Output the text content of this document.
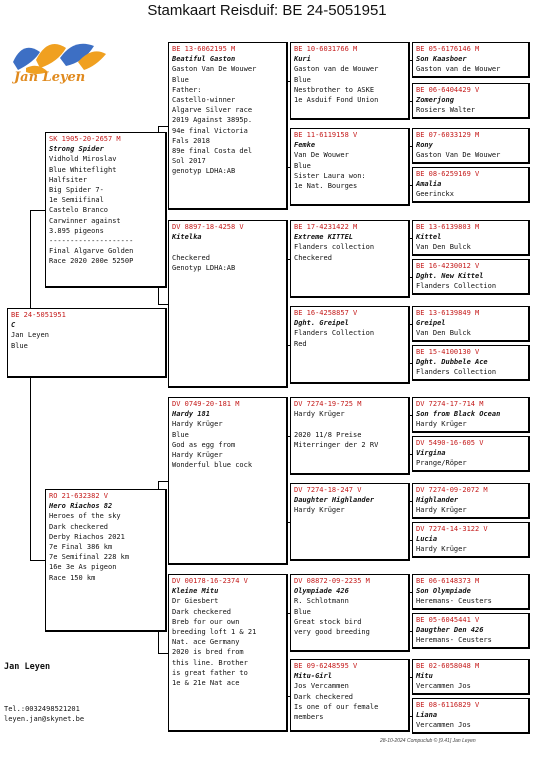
Stamkaart Reisduif: BE 24-5051951
Jan Leyen
BE 24-5051951
C
Jan Leyen
Blue
SK 1905-20-2657 M
Strong Spider
Vidhold Miroslav
Blue Whiteflight
Halfsiter
Big Spider 7-
1e Semiifinal
Castelo Branco
Carwinner against
3.895 pigeons
--------------------
Final Algarve Golden
Race 2020 200e 5250P
RO 21-632382 V
Hero Riachos 82
Heroes of the sky
Dark checkered
Derby Riachos 2021
7e Final 386 km
7e Semifinal 228 km
16e 3e As pigeon
Race 150 km
BE 13-6062195 M
Beatiful Gaston
Gaston Van De Wouwer
Blue
Father:
Castello-winner
Algarve Silver race
2019 Against 3895p.
94e final Victoria
Fals 2018
89e final Costa del
Sol 2017
genotyp LDHA:AB
DV 8897-18-4258 V
Kitelka

Checkered
Genotyp LDHA:AB
DV 0749-20-181 M
Hardy 181
Hardy Krüger
Blue
God as egg from
Hardy Krüger
Wonderful blue cock
DV 00178-16-2374 V
Kleine Mitu
Dr Giesbert
Dark checkered
Breb for our own
breeding loft 1 & 21
Nat. ace Germany
2020 is bred from
this line. Brother
is great father to
1e & 21e Nat ace
BE 10-6031766 M
Kuri
Gaston van de Wouwer
Blue
Nestbrother to ASKE
1e Asduif Fond Union
BE 11-6119158 V
Femke
Van De Wouwer
Blue
Sister Laura won:
1e Nat. Bourges
BE 17-4231422 M
Extreme KITTEL
Flanders collection
Checkered
BE 16-4258857 V
Dght. Greipel
Flanders Collection
Red
DV 7274-19-725 M
Hardy Krüger

2020 11/8 Preise
Miterringer der 2 RV
DV 7274-18-247 V
Daughter Highlander
Hardy Krüger
DV 08872-09-2235 M
Olympiade 426
R. Schlotmann
Blue
Great stock bird
very good breeding
BE 09-6248595 V
Mitu-Girl
Jos Vercammen
Dark checkered
Is one of our female
members
BE 05-6176146 M
Son Kaasboer
Gaston van de Wouwer
BE 06-6404429 V
Zomerjong
Rosiers Walter
BE 07-6033129 M
Rony
Gaston Van De Wouwer
BE 08-6259169 V
Amalia
Geerinckx
BE 13-6139803 M
Kittel
Van Den Bulck
BE 16-4230012 V
Dght. New Kittel
Flanders Collection
BE 13-6139849 M
Greipel
Van Den Bulck
BE 15-4100130 V
Dght. Dubbele Ace
Flanders Collection
DV 7274-17-714 M
Son from Black Ocean
Hardy Krüger
DV 5490-16-605 V
Virgina
Prange/Röper
DV 7274-09-2072 M
Highlander
Hardy Krüger
DV 7274-14-3122 V
Lucia
Hardy Krüger
BE 06-6148373 M
Son Olympiade
Heremans- Ceusters
BE 05-6045441 V
Daugther Den 426
Heremans- Ceusters
BE 02-6058048 M
Mitu
Vercammen Jos
BE 08-6116829 V
Liana
Vercammen Jos
Jan Leyen
Tel.:0032498521201
leyen.jan@skynet.be
28-10-2024 Compuclub © [9.41] Jan Leyen
